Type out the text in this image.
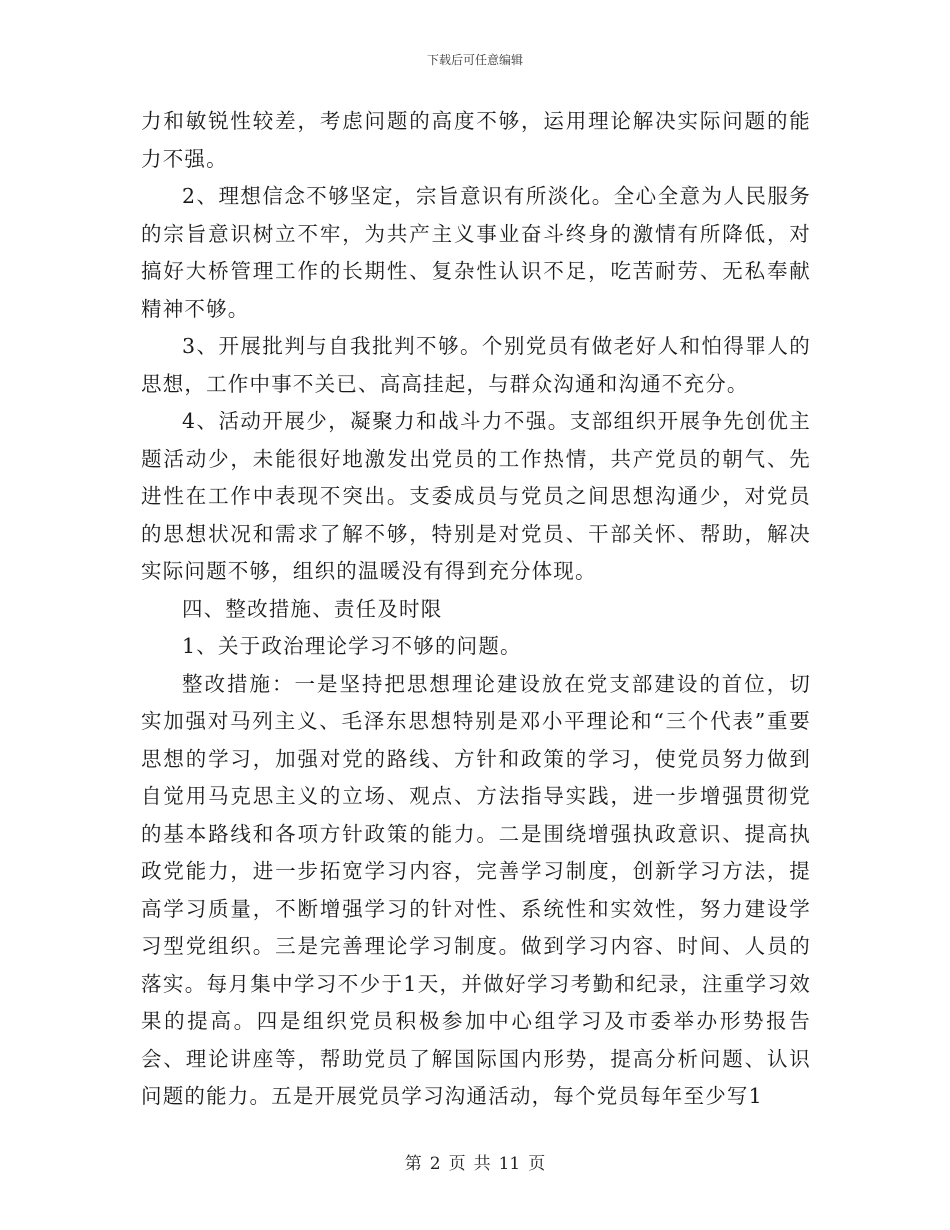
下载后可任意编辑

力和敏锐性较差，考虑问题的高度不够，运用理论解决实际问题的能力不强。

2、理想信念不够坚定，宗旨意识有所淡化。全心全意为人民服务的宗旨意识树立不牢，为共产主义事业奋斗终身的激情有所降低，对搞好大桥管理工作的长期性、复杂性认识不足，吃苦耐劳、无私奉献精神不够。

3、开展批判与自我批判不够。个别党员有做老好人和怕得罪人的思想，工作中事不关已、高高挂起，与群众沟通和沟通不充分。

4、活动开展少，凝聚力和战斗力不强。支部组织开展争先创优主题活动少，未能很好地激发出党员的工作热情，共产党员的朝气、先进性在工作中表现不突出。支委成员与党员之间思想沟通少，对党员的思想状况和需求了解不够，特别是对党员、干部关怀、帮助，解决实际问题不够，组织的温暖没有得到充分体现。

四、整改措施、责任及时限

1、关于政治理论学习不够的问题。

整改措施：一是坚持把思想理论建设放在党支部建设的首位，切实加强对马列主义、毛泽东思想特别是邓小平理论和“三个代表”重要思想的学习，加强对党的路线、方针和政策的学习，使党员努力做到自觉用马克思主义的立场、观点、方法指导实践，进一步增强贯彻党的基本路线和各项方针政策的能力。二是围绕增强执政意识、提高执政党能力，进一步拓宽学习内容，完善学习制度，创新学习方法，提高学习质量，不断增强学习的针对性、系统性和实效性，努力建设学习型党组织。三是完善理论学习制度。做到学习内容、时间、人员的落实。每月集中学习不少于1天，并做好学习考勤和纪录，注重学习效果的提高。四是组织党员积极参加中心组学习及市委举办形势报告会、理论讲座等，帮助党员了解国际国内形势，提高分析问题、认识问题的能力。五是开展党员学习沟通活动，每个党员每年至少写1

第 2 页 共 11 页
